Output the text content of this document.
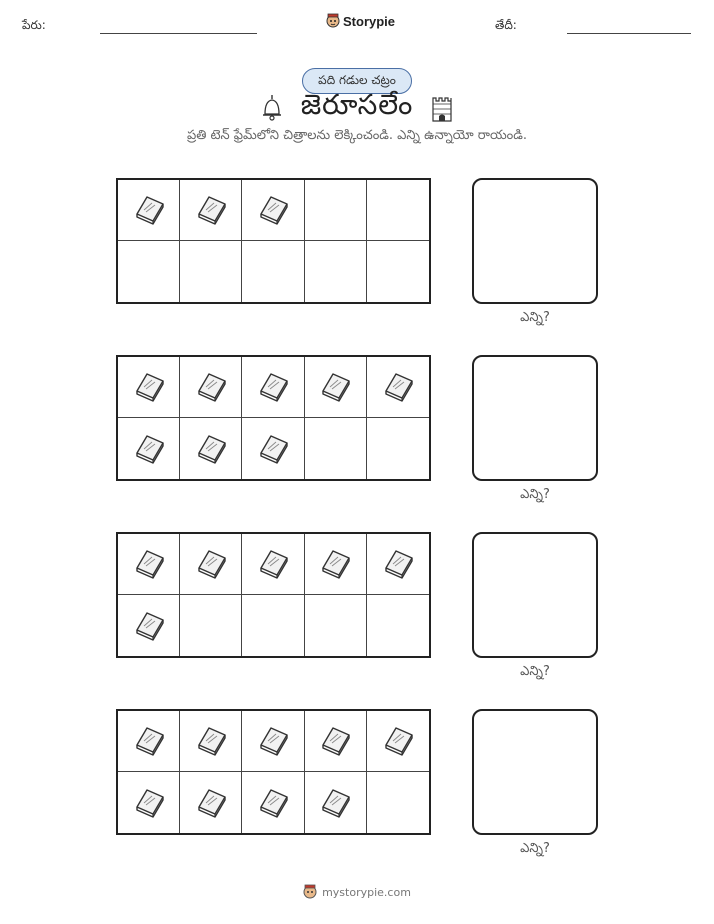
పేరు:	Storypie	తేదీ:
పది గడుల చట్రం
జెరూసలేం
ప్రతి టెన్ ఫ్రేమ్‌లోని చిత్రాలను లెక్కించండి. ఎన్ని ఉన్నాయో రాయండి.
ఎన్ని?
ఎన్ని?
ఎన్ని?
ఎన్ని?
mystorypie.com
